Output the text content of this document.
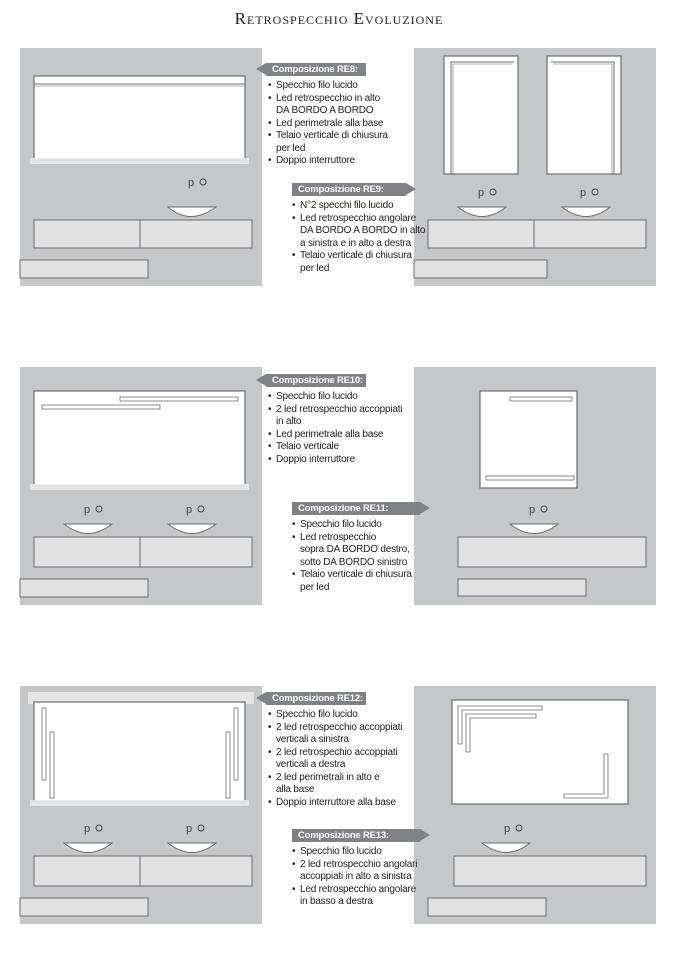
Retrospecchio Evoluzione
p
p	p
Composizione RE8:
• Specchio filo lucido
• Led retrospecchio in alto
DA BORDO A BORDO
• Led perimetrale alla base
• Telaio verticale di chiusura
per led
• Doppio interruttore
Composizione RE9:
• N°2 specchi filo lucido
• Led retrospecchio angolare
DA BORDO A BORDO in alto
a sinistra e in alto a destra
• Telaio verticale di chiusura
per led
p	p	p
Composizione RE10:
• Specchio filo lucido
• 2 led retrospecchio accoppiati
in alto
• Led perimetrale alla base
• Telaio verticale
• Doppio interruttore
Composizione RE11:
• Specchio filo lucido
• Led retrospecchio
sopra DA BORDO destro,
sotto DA BORDO sinistro
• Telaio verticale di chiusura
per led
p	p	p
Composizione RE12:
• Specchio filo lucido
• 2 led retrospecchio accoppiati
verticali a sinistra
• 2 led retrospechio accoppiati
verticali a destra
• 2 led perimetrali in alto e
alla base
• Doppio interruttore alla base
Composizione RE13:
• Specchio filo lucido
• 2 led retrospecchio angolari
accoppiati in alto a sinistra
• Led retrospecchio angolare
in basso a destra
